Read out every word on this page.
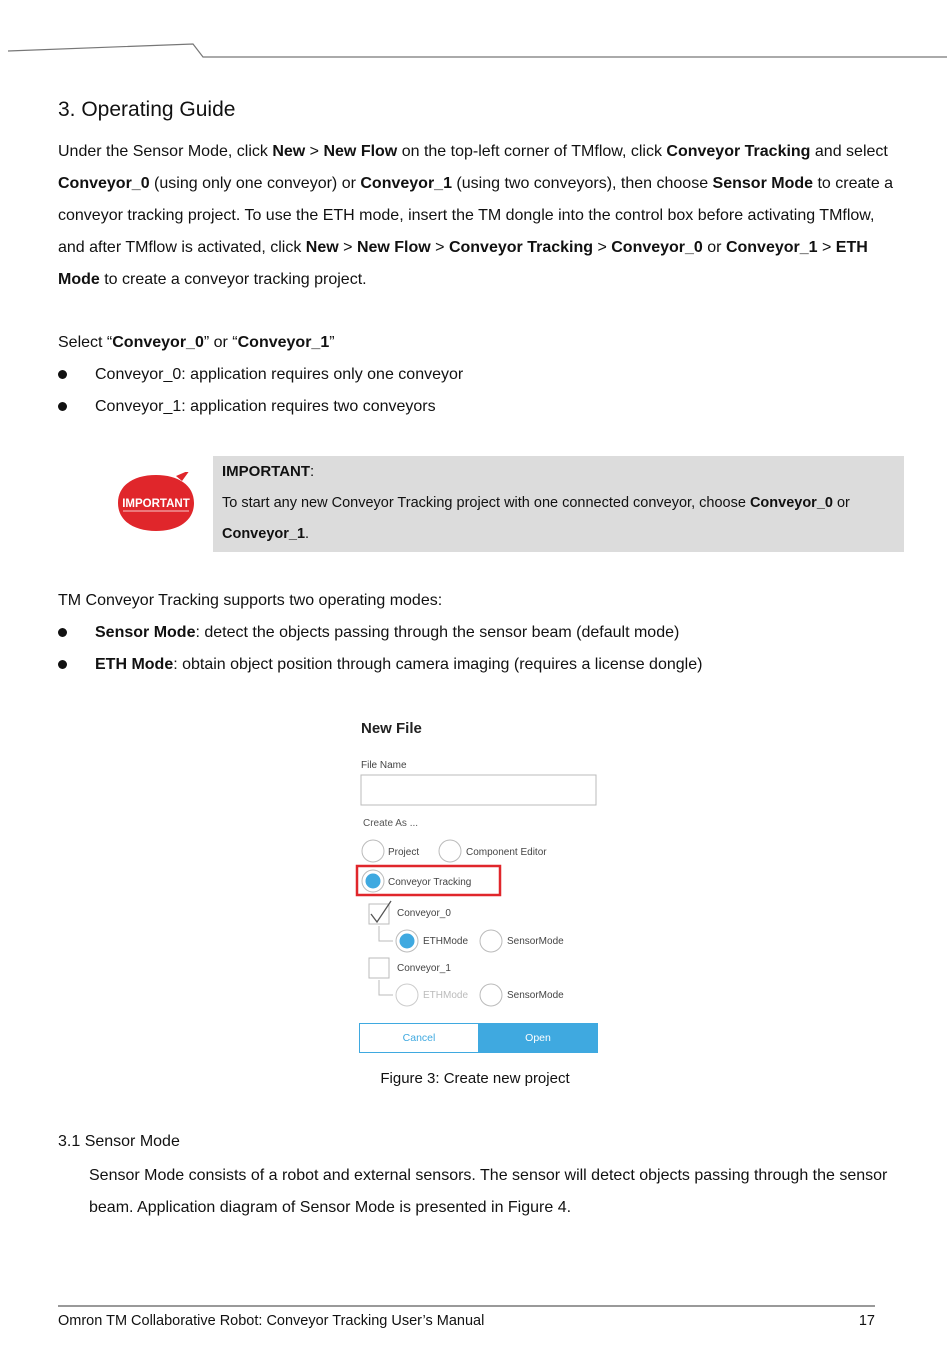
3. Operating Guide
Under the Sensor Mode, click New > New Flow on the top-left corner of TMflow, click Conveyor Tracking and select Conveyor_0 (using only one conveyor) or Conveyor_1 (using two conveyors), then choose Sensor Mode to create a conveyor tracking project. To use the ETH mode, insert the TM dongle into the control box before activating TMflow, and after TMflow is activated, click New > New Flow > Conveyor Tracking > Conveyor_0 or Conveyor_1 > ETH Mode to create a conveyor tracking project.
Select “Conveyor_0” or “Conveyor_1”
Conveyor_0: application requires only one conveyor
Conveyor_1: application requires two conveyors
IMPORTANT
IMPORTANT:
To start any new Conveyor Tracking project with one connected conveyor, choose Conveyor_0 or Conveyor_1.
TM Conveyor Tracking supports two operating modes:
Sensor Mode: detect the objects passing through the sensor beam (default mode)
ETH Mode: obtain object position through camera imaging (requires a license dongle)
New File
File Name
Create As ...
Project	Component Editor
Conveyor Tracking
Conveyor_0
ETHMode	SensorMode
Conveyor_1
ETHMode	SensorMode
Cancel	Open
Figure 3: Create new project
3.1 Sensor Mode
Sensor Mode consists of a robot and external sensors. The sensor will detect objects passing through the sensor beam. Application diagram of Sensor Mode is presented in Figure 4.
Omron TM Collaborative Robot: Conveyor Tracking User’s Manual	17
